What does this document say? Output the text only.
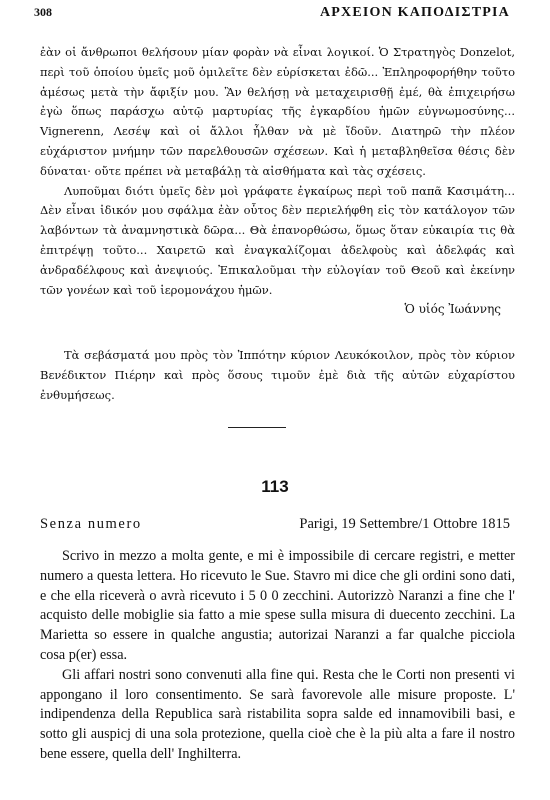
308	ΑΡΧΕΙΟΝ ΚΑΠΟΔΙΣΤΡΙΑ

ἐὰν οἱ ἄνθρωποι θελήσουν μίαν φορὰν νὰ εἶναι λογικοί. Ὁ Στρατηγὸς Donzelot, περὶ τοῦ ὁποίου ὑμεῖς μοῦ ὁμιλεῖτε δὲν εὑρίσκεται ἐδῶ... Ἐπληροφορήθην τοῦτο ἀμέσως μετὰ τὴν ἄφιξίν μου. Ἂν θελήσῃ νὰ μεταχειρισθῇ ἐμέ, θὰ ἐπιχειρήσω ἐγὼ ὅπως παράσχω αὐτῷ μαρτυρίας τῆς ἐγκαρδίου ἡμῶν εὐγνωμοσύνης... Vignerenn, Λεσέψ καὶ οἱ ἄλλοι ἦλθαν νὰ μὲ ἴδοῦν. Διατηρῶ τὴν πλέον εὐχάριστον μνήμην τῶν παρελθουσῶν σχέσεων. Καὶ ἡ μεταβληθεῖσα θέσις δὲν δύναται· οὔτε πρέπει νὰ μεταβάλῃ τὰ αἰσθήματα καὶ τὰς σχέσεις.

Λυποῦμαι διότι ὑμεῖς δὲν μοὶ γράφατε ἐγκαίρως περὶ τοῦ παπᾶ Κασιμάτη... Δὲν εἶναι ἰδικόν μου σφάλμα ἐὰν οὗτος δὲν περιελήφθη εἰς τὸν κατάλογον τῶν λαβόντων τὰ ἀναμνηστικὰ δῶρα... Θὰ ἐπανορθώσω, ὅμως ὅταν εὐκαιρία τις θὰ ἐπιτρέψῃ τοῦτο... Χαιρετῶ καὶ ἐναγκαλίζομαι ἀδελφοὺς καὶ ἀδελφάς καὶ ἀνδραδέλφους καὶ ἀνεψιούς. Ἐπικαλοῦμαι τὴν εὐλογίαν τοῦ Θεοῦ καὶ ἐκείνην τῶν γονέων καὶ τοῦ ἱερομονάχου ἡμῶν.

Ὁ υἱός Ἰωάννης

Τὰ σεβάσματά μου πρὸς τὸν Ἱππότην κύριον Λευκόκοιλον, πρὸς τὸν κύριον Βενέδικτον Πιέρην καὶ πρὸς ὅσους τιμοῦν ἐμὲ διὰ τῆς αὐτῶν εὐχαρίστου ἐνθυμήσεως.

113
Senza numero	Parigi, 19 Settembre/1 Ottobre 1815

Scrivo in mezzo a molta gente, e mi è impossibile di cercare registri, e metter numero a questa lettera. Ho ricevuto le Sue. Stavro mi dice che gli ordini sono dati, e che ella riceverà o avrà ricevuto i 5 0 0 zecchini. Autorizzò Naranzi a fine che l' acquisto delle mobiglie sia fatto a mie spese sulla misura di duecento zecchini. La Marietta so essere in qualche angustia; autorizai Naranzi a far qualche picciola cosa p(er) essa.

Gli affari nostri sono convenuti alla fine qui. Resta che le Corti non presenti vi appongano il loro consentimento. Se sarà favorevole alle misure proposte. L' indipendenza della Republica sarà ristabilita sopra salde ed innamovibili basi, e sotto gli auspicj di una sola protezione, quella cioè che è la più alta a fare il nostro bene essere, quella dell' Inghilterra.
